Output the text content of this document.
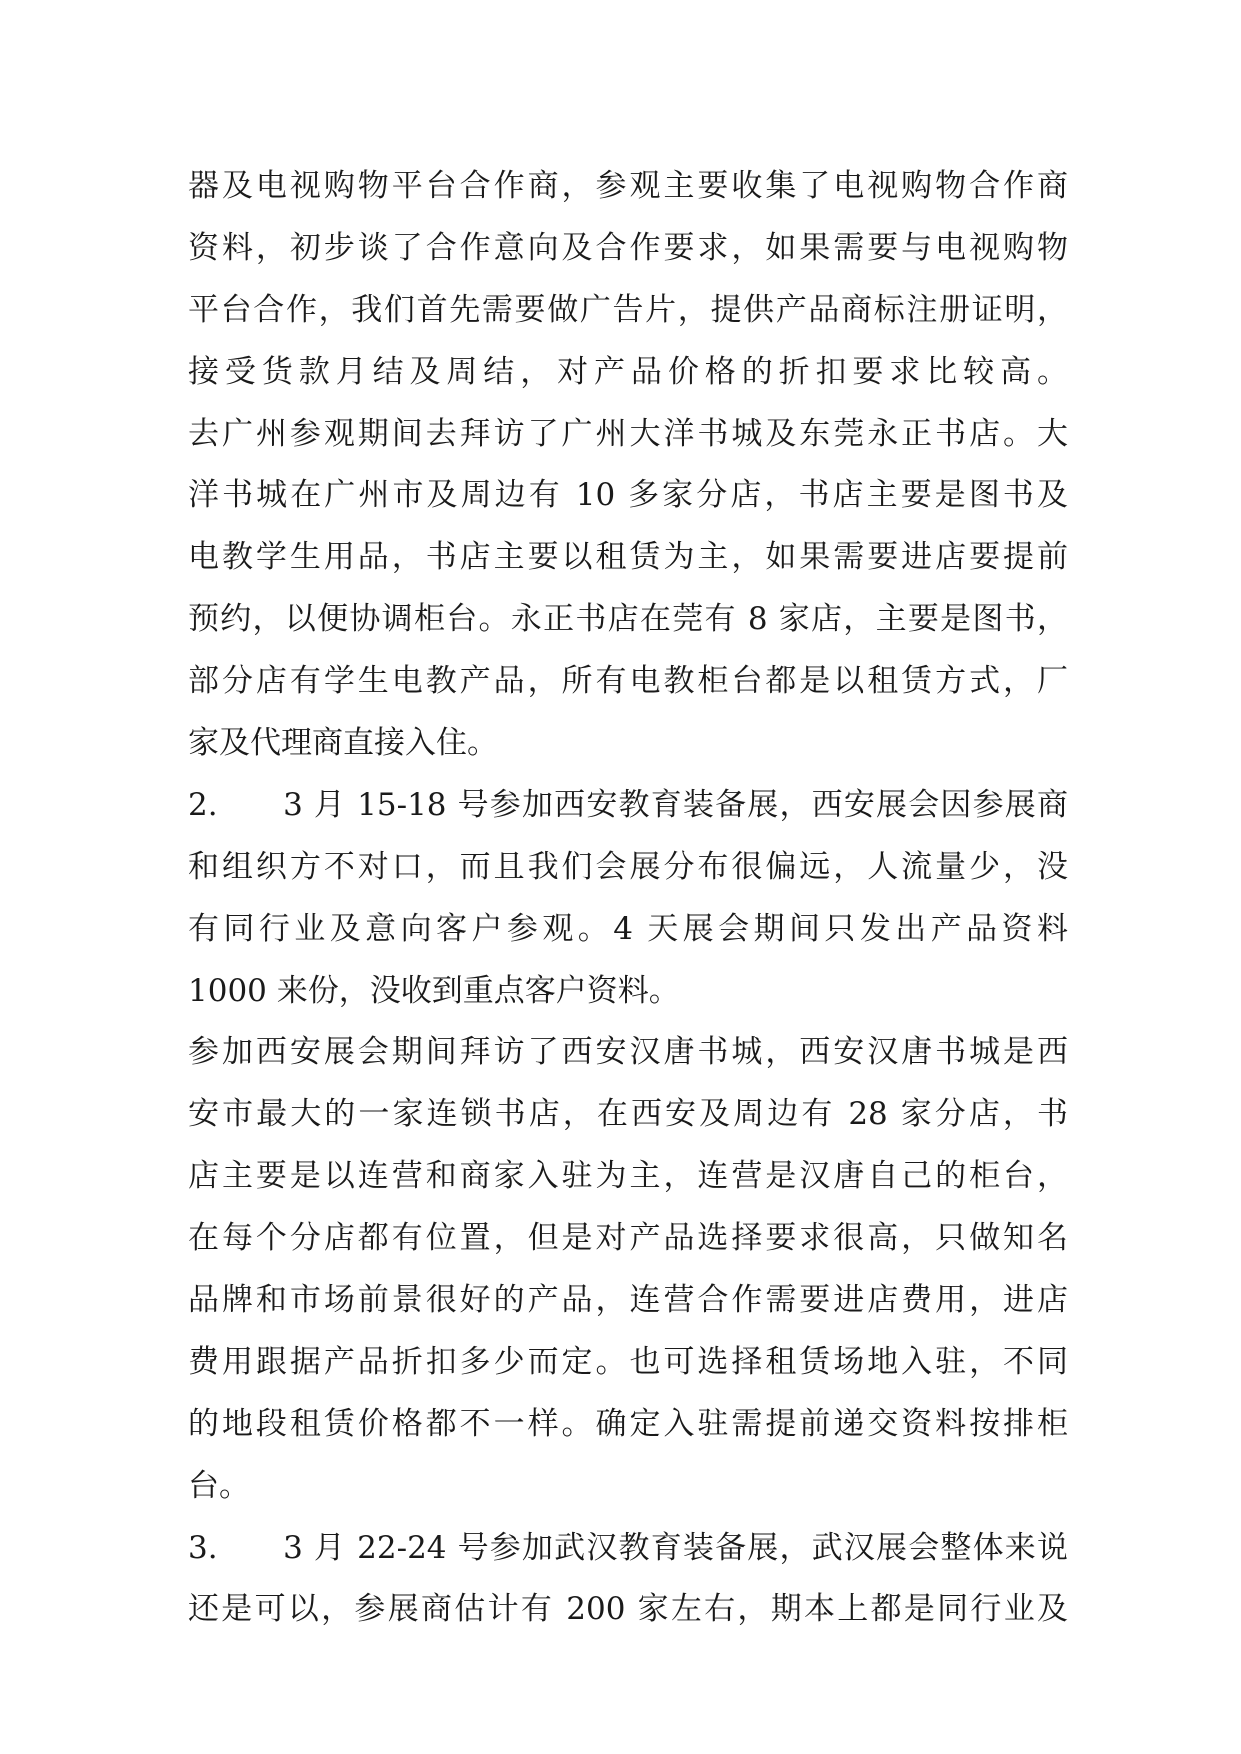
器及电视购物平台合作商，参观主要收集了电视购物合作商
资料，初步谈了合作意向及合作要求，如果需要与电视购物
平台合作，我们首先需要做广告片，提供产品商标注册证明，
接受货款月结及周结，对产品价格的折扣要求比较高。
去广州参观期间去拜访了广州大洋书城及东莞永正书店。大
洋书城在广州市及周边有 10 多家分店，书店主要是图书及
电教学生用品，书店主要以租赁为主，如果需要进店要提前
预约，以便协调柜台。永正书店在莞有 8 家店，主要是图书，
部分店有学生电教产品，所有电教柜台都是以租赁方式，厂
家及代理商直接入住。
2.　　3 月 15-18 号参加西安教育装备展，西安展会因参展商
和组织方不对口，而且我们会展分布很偏远，人流量少，没
有同行业及意向客户参观。4 天展会期间只发出产品资料
1000 来份，没收到重点客户资料。
参加西安展会期间拜访了西安汉唐书城，西安汉唐书城是西
安市最大的一家连锁书店，在西安及周边有 28 家分店，书
店主要是以连营和商家入驻为主，连营是汉唐自己的柜台，
在每个分店都有位置，但是对产品选择要求很高，只做知名
品牌和市场前景很好的产品，连营合作需要进店费用，进店
费用跟据产品折扣多少而定。也可选择租赁场地入驻，不同
的地段租赁价格都不一样。确定入驻需提前递交资料按排柜
台。
3.　　3 月 22-24 号参加武汉教育装备展，武汉展会整体来说
还是可以，参展商估计有 200 家左右，期本上都是同行业及
